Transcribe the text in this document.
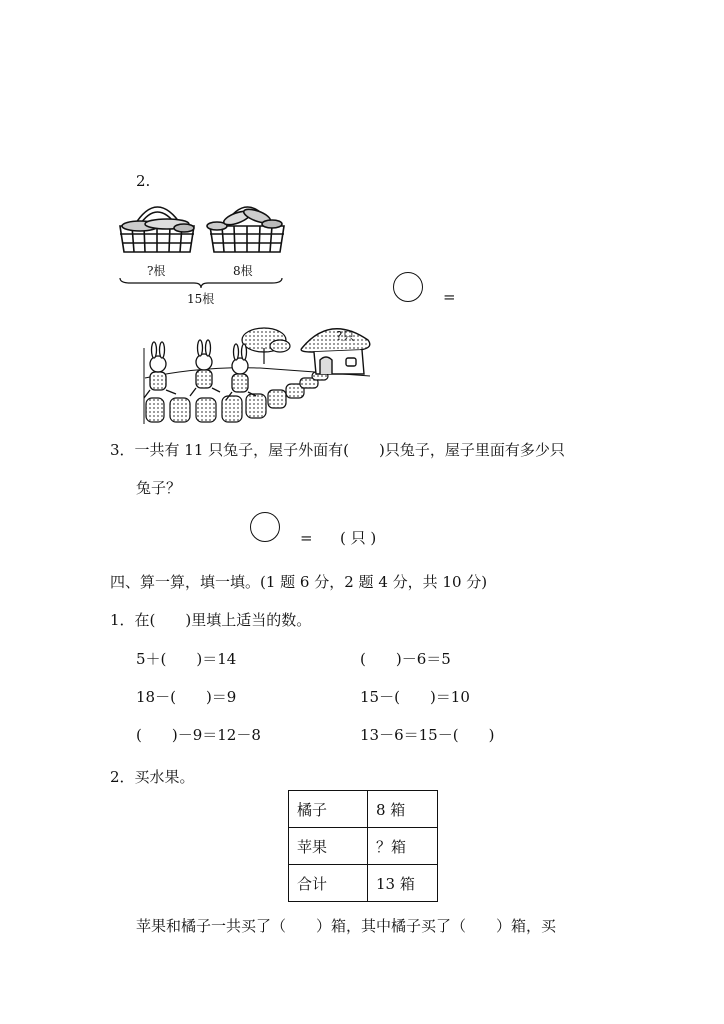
2.
?根	8根
15根	=
?只
3．一共有 11 只兔子，屋子外面有(　　)只兔子，屋子里面有多少只
兔子？
= ( 只 )
四、算一算，填一填。(1 题 6 分，2 题 4 分，共 10 分)
1．在(　　)里填上适当的数。
5＋(　　)＝14	(　　)－6＝5
18－(　　)＝9	15－(　　)＝10
(　　)－9＝12－8	13－6＝15－(　　)
2．买水果。
橘子	8 箱
苹果	？箱
合计	13 箱
苹果和橘子一共买了（　　）箱，其中橘子买了（　　）箱，买
